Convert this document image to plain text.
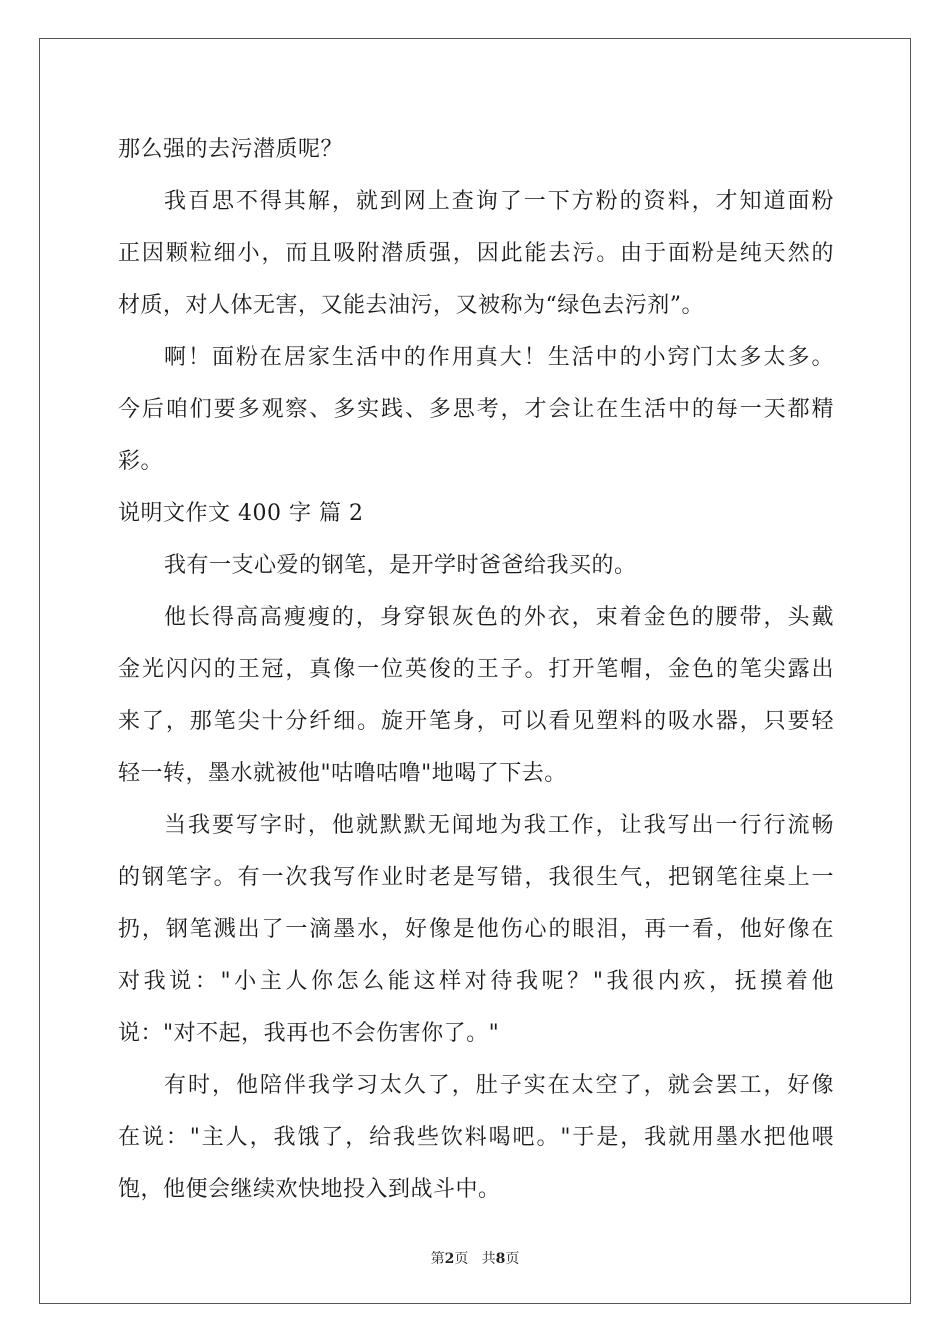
那么强的去污潜质呢？
我百思不得其解，就到网上查询了一下方粉的资料，才知道面粉
正因颗粒细小，而且吸附潜质强，因此能去污。由于面粉是纯天然的
材质，对人体无害，又能去油污，又被称为“绿色去污剂”。
啊！面粉在居家生活中的作用真大！生活中的小窍门太多太多。
今后咱们要多观察、多实践、多思考，才会让在生活中的每一天都精
彩。
说明文作文 400 字 篇 2
我有一支心爱的钢笔，是开学时爸爸给我买的。
他长得高高瘦瘦的，身穿银灰色的外衣，束着金色的腰带，头戴
金光闪闪的王冠，真像一位英俊的王子。打开笔帽，金色的笔尖露出
来了，那笔尖十分纤细。旋开笔身，可以看见塑料的吸水器，只要轻
轻一转，墨水就被他"咕噜咕噜"地喝了下去。
当我要写字时，他就默默无闻地为我工作，让我写出一行行流畅
的钢笔字。有一次我写作业时老是写错，我很生气，把钢笔往桌上一
扔，钢笔溅出了一滴墨水，好像是他伤心的眼泪，再一看，他好像在
对我说："小主人你怎么能这样对待我呢？"我很内疚，抚摸着他
说："对不起，我再也不会伤害你了。"
有时，他陪伴我学习太久了，肚子实在太空了，就会罢工，好像
在说："主人，我饿了，给我些饮料喝吧。"于是，我就用墨水把他喂
饱，他便会继续欢快地投入到战斗中。
第2页 共8页
